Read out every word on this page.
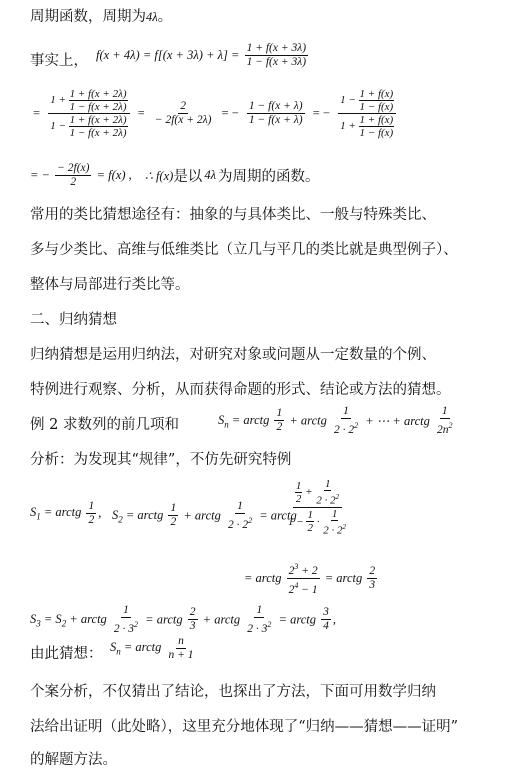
周期函数，周期为4λ。
事实上， $f(x + 4\lambda) = f[(x + 3\lambda) + \lambda] = \frac{1 + f(x + 3\lambda)}{1 - f(x + 3\lambda)}$
= $\frac{1 + \frac{1 + f(x + 2\lambda)}{1 - f(x + 2\lambda)}}{1 - \frac{1 + f(x + 2\lambda)}{1 - f(x + 2\lambda)}} = \frac{2}{- 2f(x + 2\lambda)}$ = − $\frac{1 - f(x + \lambda)}{1 - f(x + \lambda)}$ = − $\frac{1 - \frac{1 + f(x)}{1 - f(x)}}{1 + \frac{1 + f(x)}{1 - f(x)}}$
= − $\frac{- 2f(x)}{2} = f(x)$ , ∴ f(x)是以 4λ 为周期的函数。
常用的类比猜想途径有：抽象的与具体类比、一般与特殊类比、
多与少类比、高维与低维类比（立几与平几的类比就是典型例子）、
整体与局部进行类比等。
二、归纳猜想
归纳猜想是运用归纳法，对研究对象或问题从一定数量的个例、
特例进行观察、分析，从而获得命题的形式、结论或方法的猜想。
例 2 求数列的前几项和	$S_n$ = arctg $\frac{1}{2}$ + arctg $\frac{1}{2 \cdot 2^2}$ + ⋯ + arctg $\frac{1}{2n^2}$
分析：为发现其“规律”，不仿先研究特例
$S_1$ = arctg $\frac{1}{2}$ , $S_2$ = arctg $\frac{1}{2}$ + arctg $\frac{1}{2 \cdot 2^2}$ = arctg
$\frac{\frac{1}{2} + \frac{1}{2 \cdot 2^2}}{1 - \frac{1}{2} \cdot \frac{1}{2 \cdot 2^2}}$
= arctg $\frac{2^3 + 2}{2^4 - 1}$ = arctg $\frac{2}{3}$
$S_3 = S_2$ + arctg $\frac{1}{2 \cdot 3^2}$ = arctg $\frac{2}{3}$ + arctg $\frac{1}{2 \cdot 3^2}$ = arctg $\frac{3}{4}$ ,
由此猜想： $S_n$ = arctg $\frac{n}{n + 1}$
个案分析，不仅猜出了结论，也探出了方法，下面可用数学归纳
法给出证明（此处略），这里充分地体现了“归纳——猜想——证明”
的解题方法。
